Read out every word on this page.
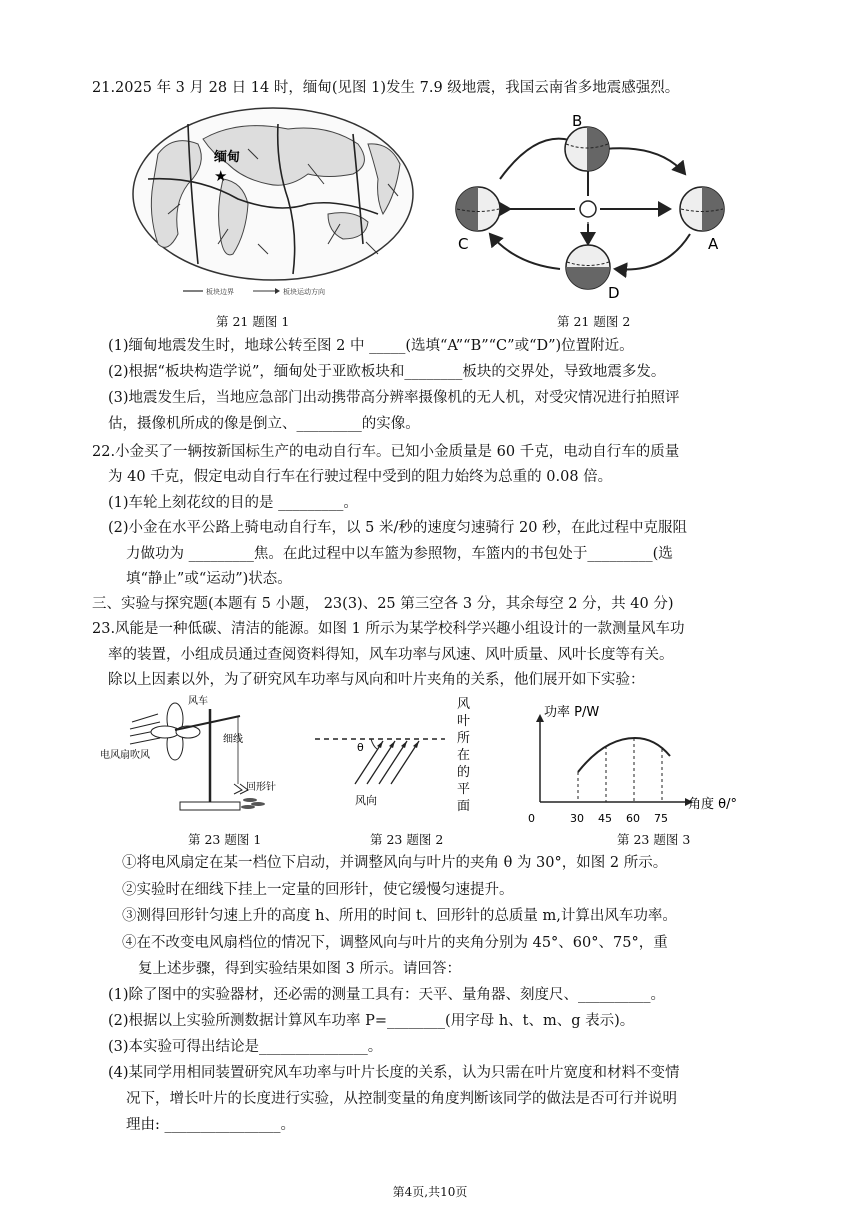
21.2025 年 3 月 28 日 14 时，缅甸(见图 1)发生 7.9 级地震，我国云南省多地震感强烈。
缅甸
★
板块边界	板块运动方向
B
C	A
D
第 21 题图 1	第 21 题图 2
(1)缅甸地震发生时，地球公转至图 2 中 _____(选填“A”“B”“C”或“D”)位置附近。
(2)根据“板块构造学说”，缅甸处于亚欧板块和________板块的交界处，导致地震多发。
(3)地震发生后，当地应急部门出动携带高分辨率摄像机的无人机，对受灾情况进行拍照评
估，摄像机所成的像是倒立、_________的实像。
22.小金买了一辆按新国标生产的电动自行车。已知小金质量是 60 千克，电动自行车的质量
为 40 千克，假定电动自行车在行驶过程中受到的阻力始终为总重的 0.08 倍。
(1)车轮上刻花纹的目的是 _________。
(2)小金在水平公路上骑电动自行车，以 5 米/秒的速度匀速骑行 20 秒，在此过程中克服阻
力做功为 _________焦。在此过程中以车篮为参照物，车篮内的书包处于_________(选
填“静止”或“运动”)状态。
三、实验与探究题(本题有 5 小题， 23(3)、25 第三空各 3 分，其余每空 2 分，共 40 分)
23.风能是一种低碳、清洁的能源。如图 1 所示为某学校科学兴趣小组设计的一款测量风车功
率的装置，小组成员通过查阅资料得知，风车功率与风速、风叶质量、风叶长度等有关。
除以上因素以外，为了研究风车功率与风向和叶片夹角的关系，他们展开如下实验：
风车
电风扇吹风
细线
回形针
θ
风向
风
叶
所
在
的
平
面
功率 P/W
角度 θ/°
0	30 45 60 75
第 23 题图 1	第 23 题图 2	第 23 题图 3
①将电风扇定在某一档位下启动，并调整风向与叶片的夹角 θ 为 30°，如图 2 所示。
②实验时在细线下挂上一定量的回形针，使它缓慢匀速提升。
③测得回形针匀速上升的高度 h、所用的时间 t、回形针的总质量 m,计算出风车功率。
④在不改变电风扇档位的情况下，调整风向与叶片的夹角分别为 45°、60°、75°，重
复上述步骤，得到实验结果如图 3 所示。请回答：
(1)除了图中的实验器材，还必需的测量工具有：天平、量角器、刻度尺、__________。
(2)根据以上实验所测数据计算风车功率 P=________(用字母 h、t、m、g 表示)。
(3)本实验可得出结论是_______________。
(4)某同学用相同装置研究风车功率与叶片长度的关系，认为只需在叶片宽度和材料不变情
况下，增长叶片的长度进行实验，从控制变量的角度判断该同学的做法是否可行并说明
理由: ________________。
第4页,共10页
